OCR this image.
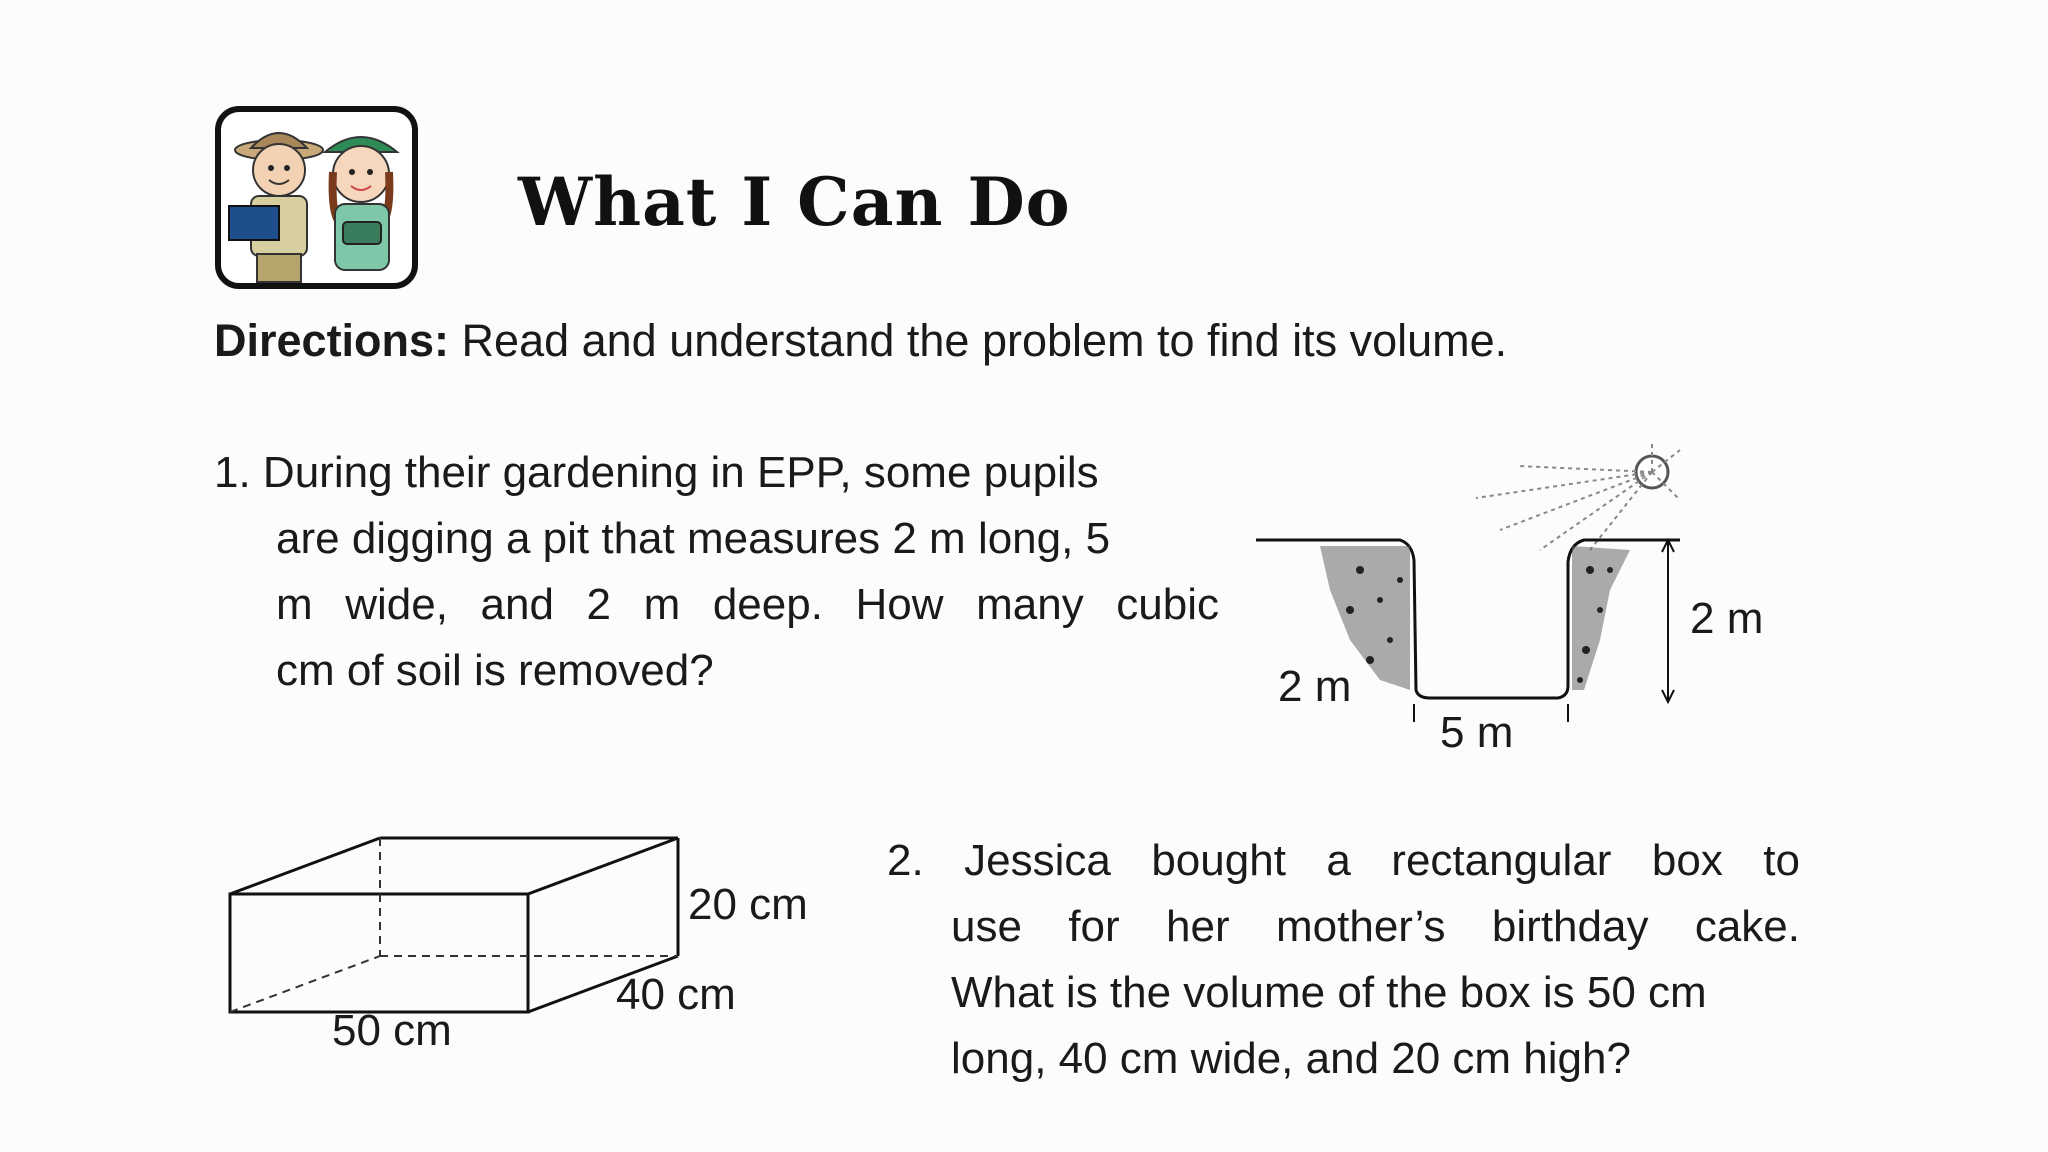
What I Can Do
Directions: Read and understand the problem to find its volume.
1. During their gardening in EPP, some pupils
are digging a pit that measures 2 m long, 5
m wide, and 2 m deep. How many cubic
cm of soil is removed?
2 m
2 m
5 m
20 cm
40 cm
50 cm
2. Jessica bought a rectangular box to
use for her mother’s birthday cake.
What is the volume of the box is 50 cm
long, 40 cm wide, and 20 cm high?
